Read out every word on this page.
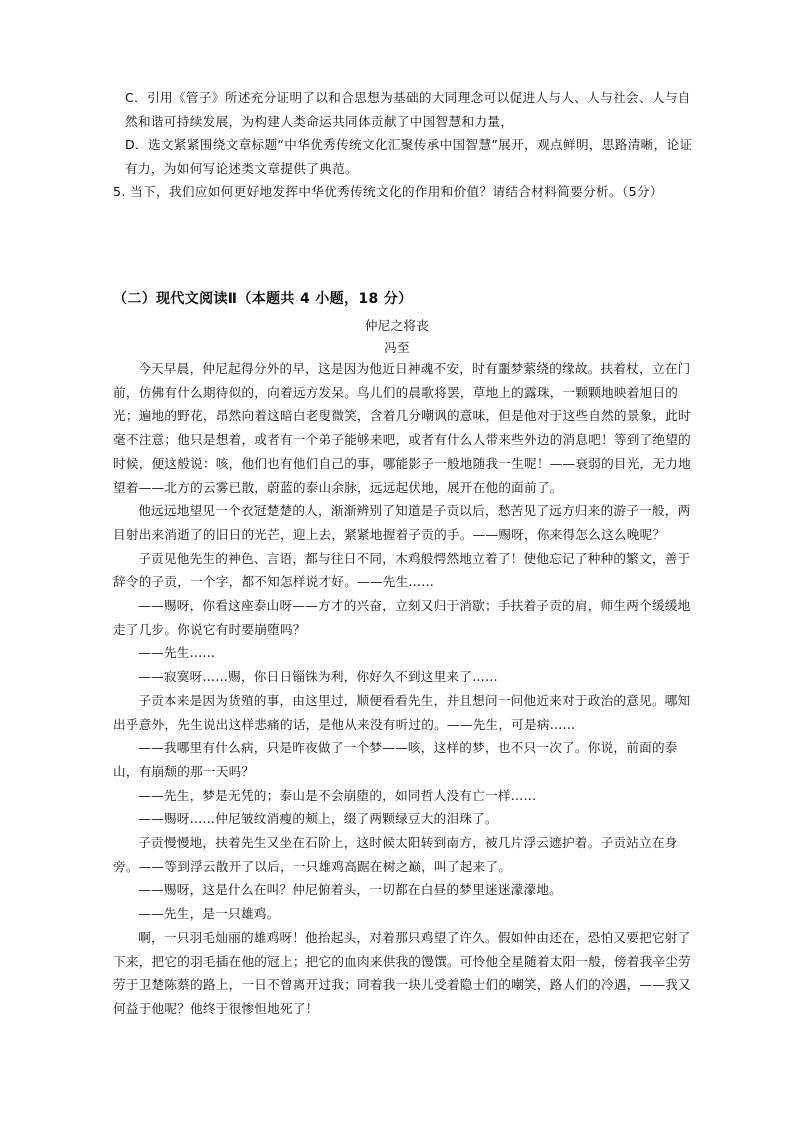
C．引用《管子》所述充分证明了以和合思想为基础的大同理念可以促进人与人、人与社会、人与自然和谐可持续发展，为构建人类命运共同体贡献了中国智慧和力量，

D．选文紧紧围绕文章标题“中华优秀传统文化汇聚传承中国智慧”展开，观点鲜明，思路清晰，论证有力，为如何写论述类文章提供了典范。

5. 当下，我们应如何更好地发挥中华优秀传统文化的作用和价值？请结合材料简要分析。（5分）

（二）现代文阅读Ⅱ（本题共 4 小题，18 分）
仲尼之将丧
冯至

今天早晨，仲尼起得分外的早，这是因为他近日神魂不安，时有噩梦萦绕的缘故。扶着杖，立在门前，仿佛有什么期待似的，向着远方发呆。鸟儿们的晨歌将罢，草地上的露珠，一颗颗地映着旭日的光；遍地的野花，昂然向着这暗白老叟微笑，含着几分嘲讽的意味，但是他对于这些自然的景象，此时毫不注意；他只是想着，或者有一个弟子能够来吧，或者有什么人带来些外边的消息吧！等到了绝望的时候，便这般说：咳，他们也有他们自己的事，哪能影子一般地随我一生呢！——衰弱的目光，无力地望着——北方的云雾已散，蔚蓝的泰山余脉，远远起伏地，展开在他的面前了。

他远远地望见一个衣冠楚楚的人，渐渐辨别了知道是子贡以后，愁苦见了远方归来的游子一般，两目射出来消逝了的旧日的光芒，迎上去，紧紧地握着子贡的手。——赐呀，你来得怎么这么晚呢？

子贡见他先生的神色、言语，都与往日不同，木鸡般愕然地立着了！使他忘记了种种的繁文，善于辞令的子贡，一个字，都不知怎样说才好。——先生……

——赐呀，你看这座泰山呀——方才的兴奋，立刻又归于消歇；手扶着子贡的肩，师生两个缓缓地走了几步。你说它有时要崩堕吗？

——先生……

——寂寞呀……赐，你日日锱铢为利，你好久不到这里来了……

子贡本来是因为货殖的事，由这里过，顺便看看先生，并且想问一问他近来对于政治的意见。哪知出乎意外，先生说出这样悲痛的话，是他从来没有听过的。——先生，可是病……

——我哪里有什么病，只是昨夜做了一个梦——咳，这样的梦，也不只一次了。你说，前面的泰山，有崩颓的那一天吗？

——先生，梦是无凭的；泰山是不会崩堕的，如同哲人没有亡一样……

——赐呀……仲尼皱纹消瘦的颊上，缀了两颗绿豆大的泪珠了。

子贡慢慢地，扶着先生又坐在石阶上，这时候太阳转到南方，被几片浮云遮护着。子贡站立在身旁。——等到浮云散开了以后，一只雄鸡高踞在树之巅，叫了起来了。

——赐呀，这是什么在叫？仲尼俯着头，一切都在白昼的梦里迷迷濛濛地。

——先生，是一只雄鸡。

啊，一只羽毛灿丽的雄鸡呀！他抬起头，对着那只鸡望了许久。假如仲由还在，恐怕又要把它射了下来，把它的羽毛插在他的冠上；把它的血肉来供我的馒馔。可怜他全星随着太阳一般，傍着我辛尘劳劳于卫楚陈蔡的路上，一日不曾离开过我；同着我一块儿受着隐士们的嘲笑，路人们的冷遇，——我又何益于他呢？他终于很惨怛地死了！
